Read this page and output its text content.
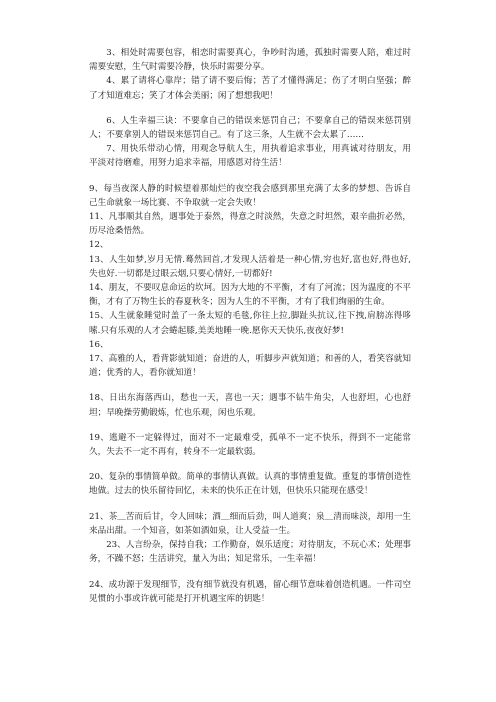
3、相处时需要包容，相恋时需要真心，争吵时沟通，孤独时需要人陪，难过时需要安慰，生气时需要冷静，快乐时需要分享。

4、累了请将心靠岸；错了请不要后悔；苦了才懂得满足；伤了才明白坚强；醉了才知道难忘；笑了才体会美丽；闲了想想我吧！

6、人生幸福三诀：不要拿自己的错误来惩罚自己；不要拿自己的错误来惩罚别人；不要拿别人的错误来惩罚自己。有了这三条，人生就不会太累了……

7、用快乐带动心情，用观念导航人生，用执着追求事业，用真诚对待朋友，用平淡对待磨难，用努力追求幸福，用感恩对待生活！

9、每当夜深人静的时候望着那灿烂的夜空我会感到那里充满了太多的梦想、告诉自己生命就象一场比赛、不争取就一定会失败！

11、凡事顺其自然，遇事处于泰然，得意之时淡然，失意之时坦然，艰辛曲折必然，历尽沧桑悟然。

12、

13、人生如梦,岁月无情.蓦然回首,才发现人活着是一种心情,穷也好,富也好,得也好,失也好.一切都是过眼云烟,只要心情好,一切都好!

14、朋友，不要叹息命运的坎坷。因为大地的不平衡，才有了河流；因为温度的不平衡，才有了万物生长的春夏秋冬；因为人生的不平衡，才有了我们绚丽的生命。

15、人生就象睡觉时盖了一条太短的毛毯,你往上拉,脚趾头抗议,往下拽,肩膀冻得哆嗦.只有乐观的人才会蜷起膝,美美地睡一晚.愿你天天快乐,夜夜好梦!

16、

17、高雅的人，看背影就知道；奋进的人，听脚步声就知道；和善的人，看笑容就知道；优秀的人，看你就知道！

18、日出东海落西山，愁也一天，喜也一天；遇事不钻牛角尖，人也舒坦，心也舒坦；早晚操劳勤锻炼，忙也乐观，闲也乐观。

19、逃避不一定躲得过，面对不一定最难受，孤单不一定不快乐，得到不一定能常久，失去不一定不再有，转身不一定最软弱。

20、复杂的事情简单做。简单的事情认真做。认真的事情重复做。重复的事情创造性地做。过去的快乐留待回忆，未来的快乐正在计划，但快乐只能现在感受！

21、茶＿苦而后甘，令人回味；酒＿细而后劲，叫人道爽；泉＿清而味淡，却用一生来品出甜。一个知音，如茶如酒如泉，让人受益一生。

23、人言纷杂，保持自我；工作勤奋，娱乐适度；对待朋友，不玩心术；处理事务，不躁不怒；生活讲究，量入为出；知足常乐，一生幸福！

24、成功源于发现细节，没有细节就没有机遇，留心细节意味着创造机遇。一件司空见惯的小事或许就可能是打开机遇宝库的钥匙！
